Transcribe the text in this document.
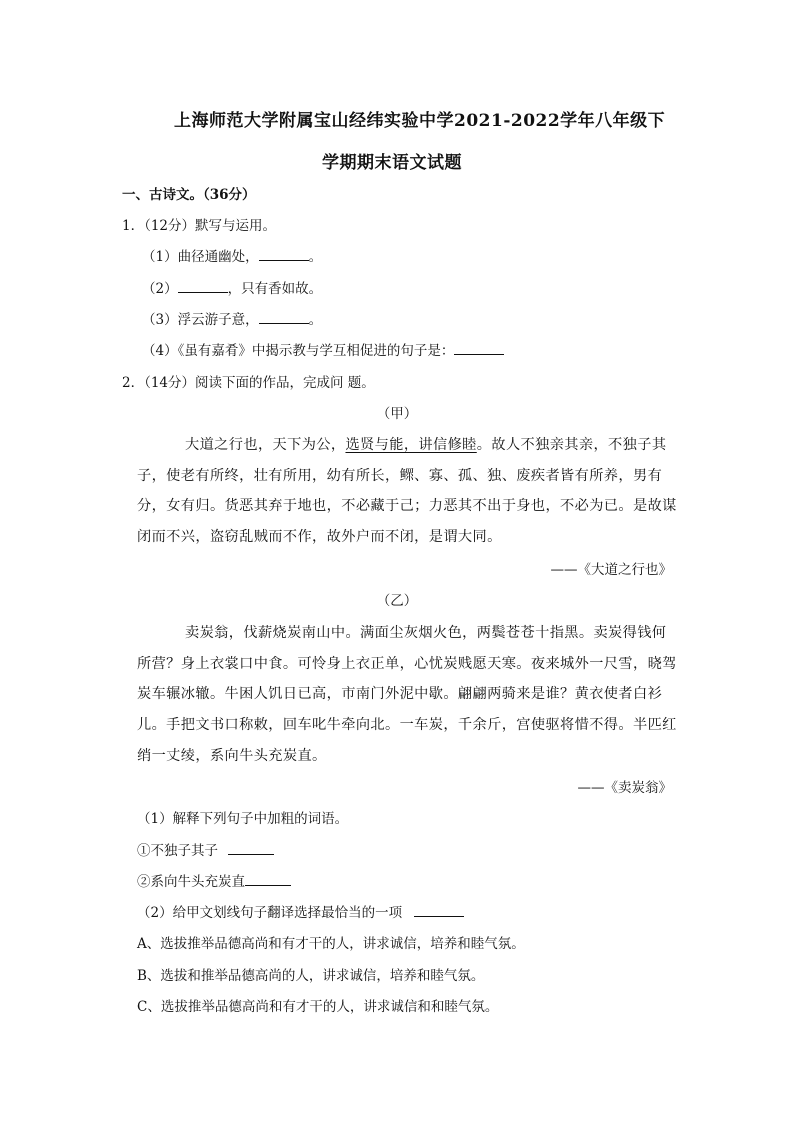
上海师范大学附属宝山经纬实验中学2021-2022学年八年级下
学期期末语文试题
一、古诗文。（36分）
1．（12分）默写与运用。
（1）曲径通幽处，	。
（2）	，只有香如故。
（3）浮云游子意，	。
（4）《虽有嘉肴》中揭示教与学互相促进的句子是：
2．（14分）阅读下面的作品，完成问 题。
（甲）
大道之行也，天下为公，选贤与能，讲信修睦。故人不独亲其亲，不独子其子，使老有所终，壮有所用，幼有所长，鳏、寡、孤、独、废疾者皆有所养，男有分，女有归。货恶其弃于地也，不必藏于己；力恶其不出于身也，不必为已。是故谋闭而不兴，盗窃乱贼而不作，故外户而不闭，是谓大同。
——《大道之行也》
（乙）
卖炭翁，伐薪烧炭南山中。满面尘灰烟火色，两鬓苍苍十指黑。卖炭得钱何所营？身上衣裳口中食。可怜身上衣正单，心忧炭贱愿天寒。夜来城外一尺雪，晓驾炭车辗冰辙。牛困人饥日已高，市南门外泥中歇。翩翩两骑来是谁？黄衣使者白衫儿。手把文书口称敕，回车叱牛牵向北。一车炭，千余斤，宫使驱将惜不得。半匹红绡一丈绫，系向牛头充炭直。
——《卖炭翁》
（1）解释下列句子中加粗的词语。
①不独子其子
②系向牛头充炭直
（2）给甲文划线句子翻译选择最恰当的一项
A、选拔推举品德高尚和有才干的人，讲求诚信，培养和睦气氛。
B、选拔和推举品德高尚的人，讲求诚信，培养和睦气氛。
C、选拔推举品德高尚和有才干的人，讲求诚信和和睦气氛。
